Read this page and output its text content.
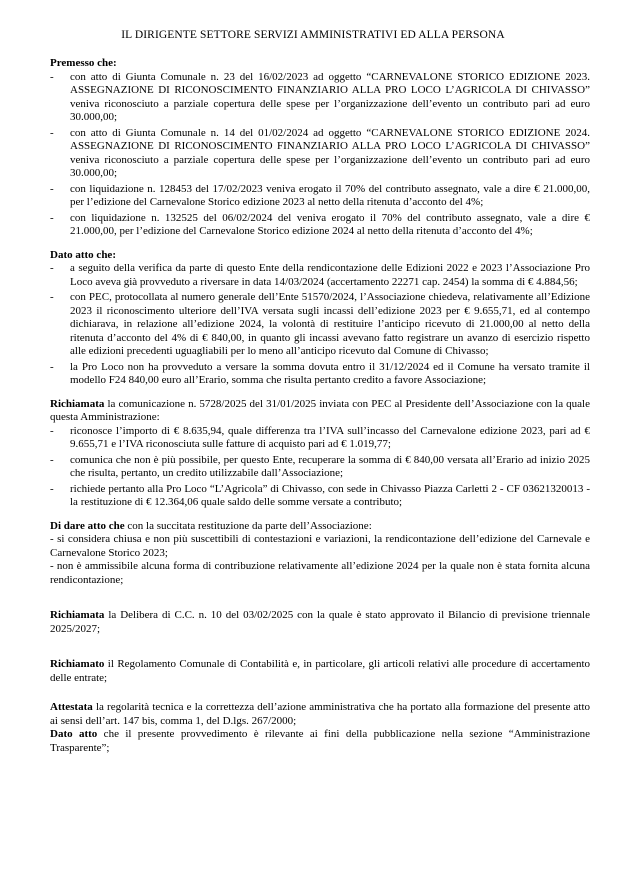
IL DIRIGENTE SETTORE SERVIZI AMMINISTRATIVI ED ALLA PERSONA

Premesso che:

- con atto di Giunta Comunale n. 23 del 16/02/2023 ad oggetto “CARNEVALONE STORICO EDIZIONE 2023. ASSEGNAZIONE DI RICONOSCIMENTO FINANZIARIO ALLA PRO LOCO L’AGRICOLA DI CHIVASSO” veniva riconosciuto a parziale copertura delle spese per l’organizzazione dell’evento un contributo pari ad euro 30.000,00;
- con atto di Giunta Comunale n. 14 del 01/02/2024 ad oggetto “CARNEVALONE STORICO EDIZIONE 2024. ASSEGNAZIONE DI RICONOSCIMENTO FINANZIARIO ALLA PRO LOCO L’AGRICOLA DI CHIVASSO” veniva riconosciuto a parziale copertura delle spese per l’organizzazione dell’evento un contributo pari ad euro 30.000,00;
- con liquidazione n. 128453 del 17/02/2023 veniva erogato il 70% del contributo assegnato, vale a dire € 21.000,00, per l’edizione del Carnevalone Storico edizione 2023 al netto della ritenuta d’acconto del 4%;
- con liquidazione n. 132525 del 06/02/2024 del veniva erogato il 70% del contributo assegnato, vale a dire € 21.000,00, per l’edizione del Carnevalone Storico edizione 2024 al netto della ritenuta d’acconto del 4%;

Dato atto che:

- a seguito della verifica da parte di questo Ente della rendicontazione delle Edizioni 2022 e 2023 l’Associazione Pro Loco aveva già provveduto a riversare in data 14/03/2024 (accertamento 22271 cap. 2454) la somma di € 4.884,56;
- con PEC, protocollata al numero generale dell’Ente 51570/2024, l’Associazione chiedeva, relativamente all’Edizione 2023 il riconoscimento ulteriore dell’IVA versata sugli incassi dell’edizione 2023 per € 9.655,71, ed al contempo dichiarava, in relazione all’edizione 2024, la volontà di restituire l’anticipo ricevuto di 21.000,00 al netto della ritenuta d’acconto del 4% di € 840,00, in quanto gli incassi avevano fatto registrare un avanzo di esercizio rispetto alle edizioni precedenti uguagliabili per lo meno all’anticipo ricevuto dal Comune di Chivasso;
- la Pro Loco non ha provveduto a versare la somma dovuta entro il 31/12/2024 ed il Comune ha versato tramite il modello F24 840,00 euro all’Erario, somma che risulta pertanto credito a favore Associazione;

Richiamata la comunicazione n. 5728/2025 del 31/01/2025 inviata con PEC al Presidente dell’Associazione con la quale questa Amministrazione:

- riconosce l’importo di € 8.635,94, quale differenza tra l’IVA sull’incasso del Carnevalone edizione 2023, pari ad € 9.655,71 e l’IVA riconosciuta sulle fatture di acquisto pari ad € 1.019,77;
- comunica che non è più possibile, per questo Ente, recuperare la somma di € 840,00 versata all’Erario ad inizio 2025 che risulta, pertanto, un credito utilizzabile dall’Associazione;
- richiede pertanto alla Pro Loco “L’Agricola” di Chivasso, con sede in Chivasso Piazza Carletti 2 - CF 03621320013 - la restituzione di € 12.364,06 quale saldo delle somme versate a contributo;

Di dare atto che con la succitata restituzione da parte dell’Associazione:

- si considera chiusa e non più suscettibili di contestazioni e variazioni, la rendicontazione dell’edizione del Carnevale e Carnevalone Storico 2023;

- non è ammissibile alcuna forma di contribuzione relativamente all’edizione 2024 per la quale non è stata fornita alcuna rendicontazione;

Richiamata la Delibera di C.C. n. 10 del 03/02/2025 con la quale è stato approvato il Bilancio di previsione triennale 2025/2027;

Richiamato il Regolamento Comunale di Contabilità e, in particolare, gli articoli relativi alle procedure di accertamento delle entrate;

Attestata la regolarità tecnica e la correttezza dell’azione amministrativa che ha portato alla formazione del presente atto ai sensi dell’art. 147 bis, comma 1, del D.lgs. 267/2000;

Dato atto che il presente provvedimento è rilevante ai fini della pubblicazione nella sezione “Amministrazione Trasparente”;
